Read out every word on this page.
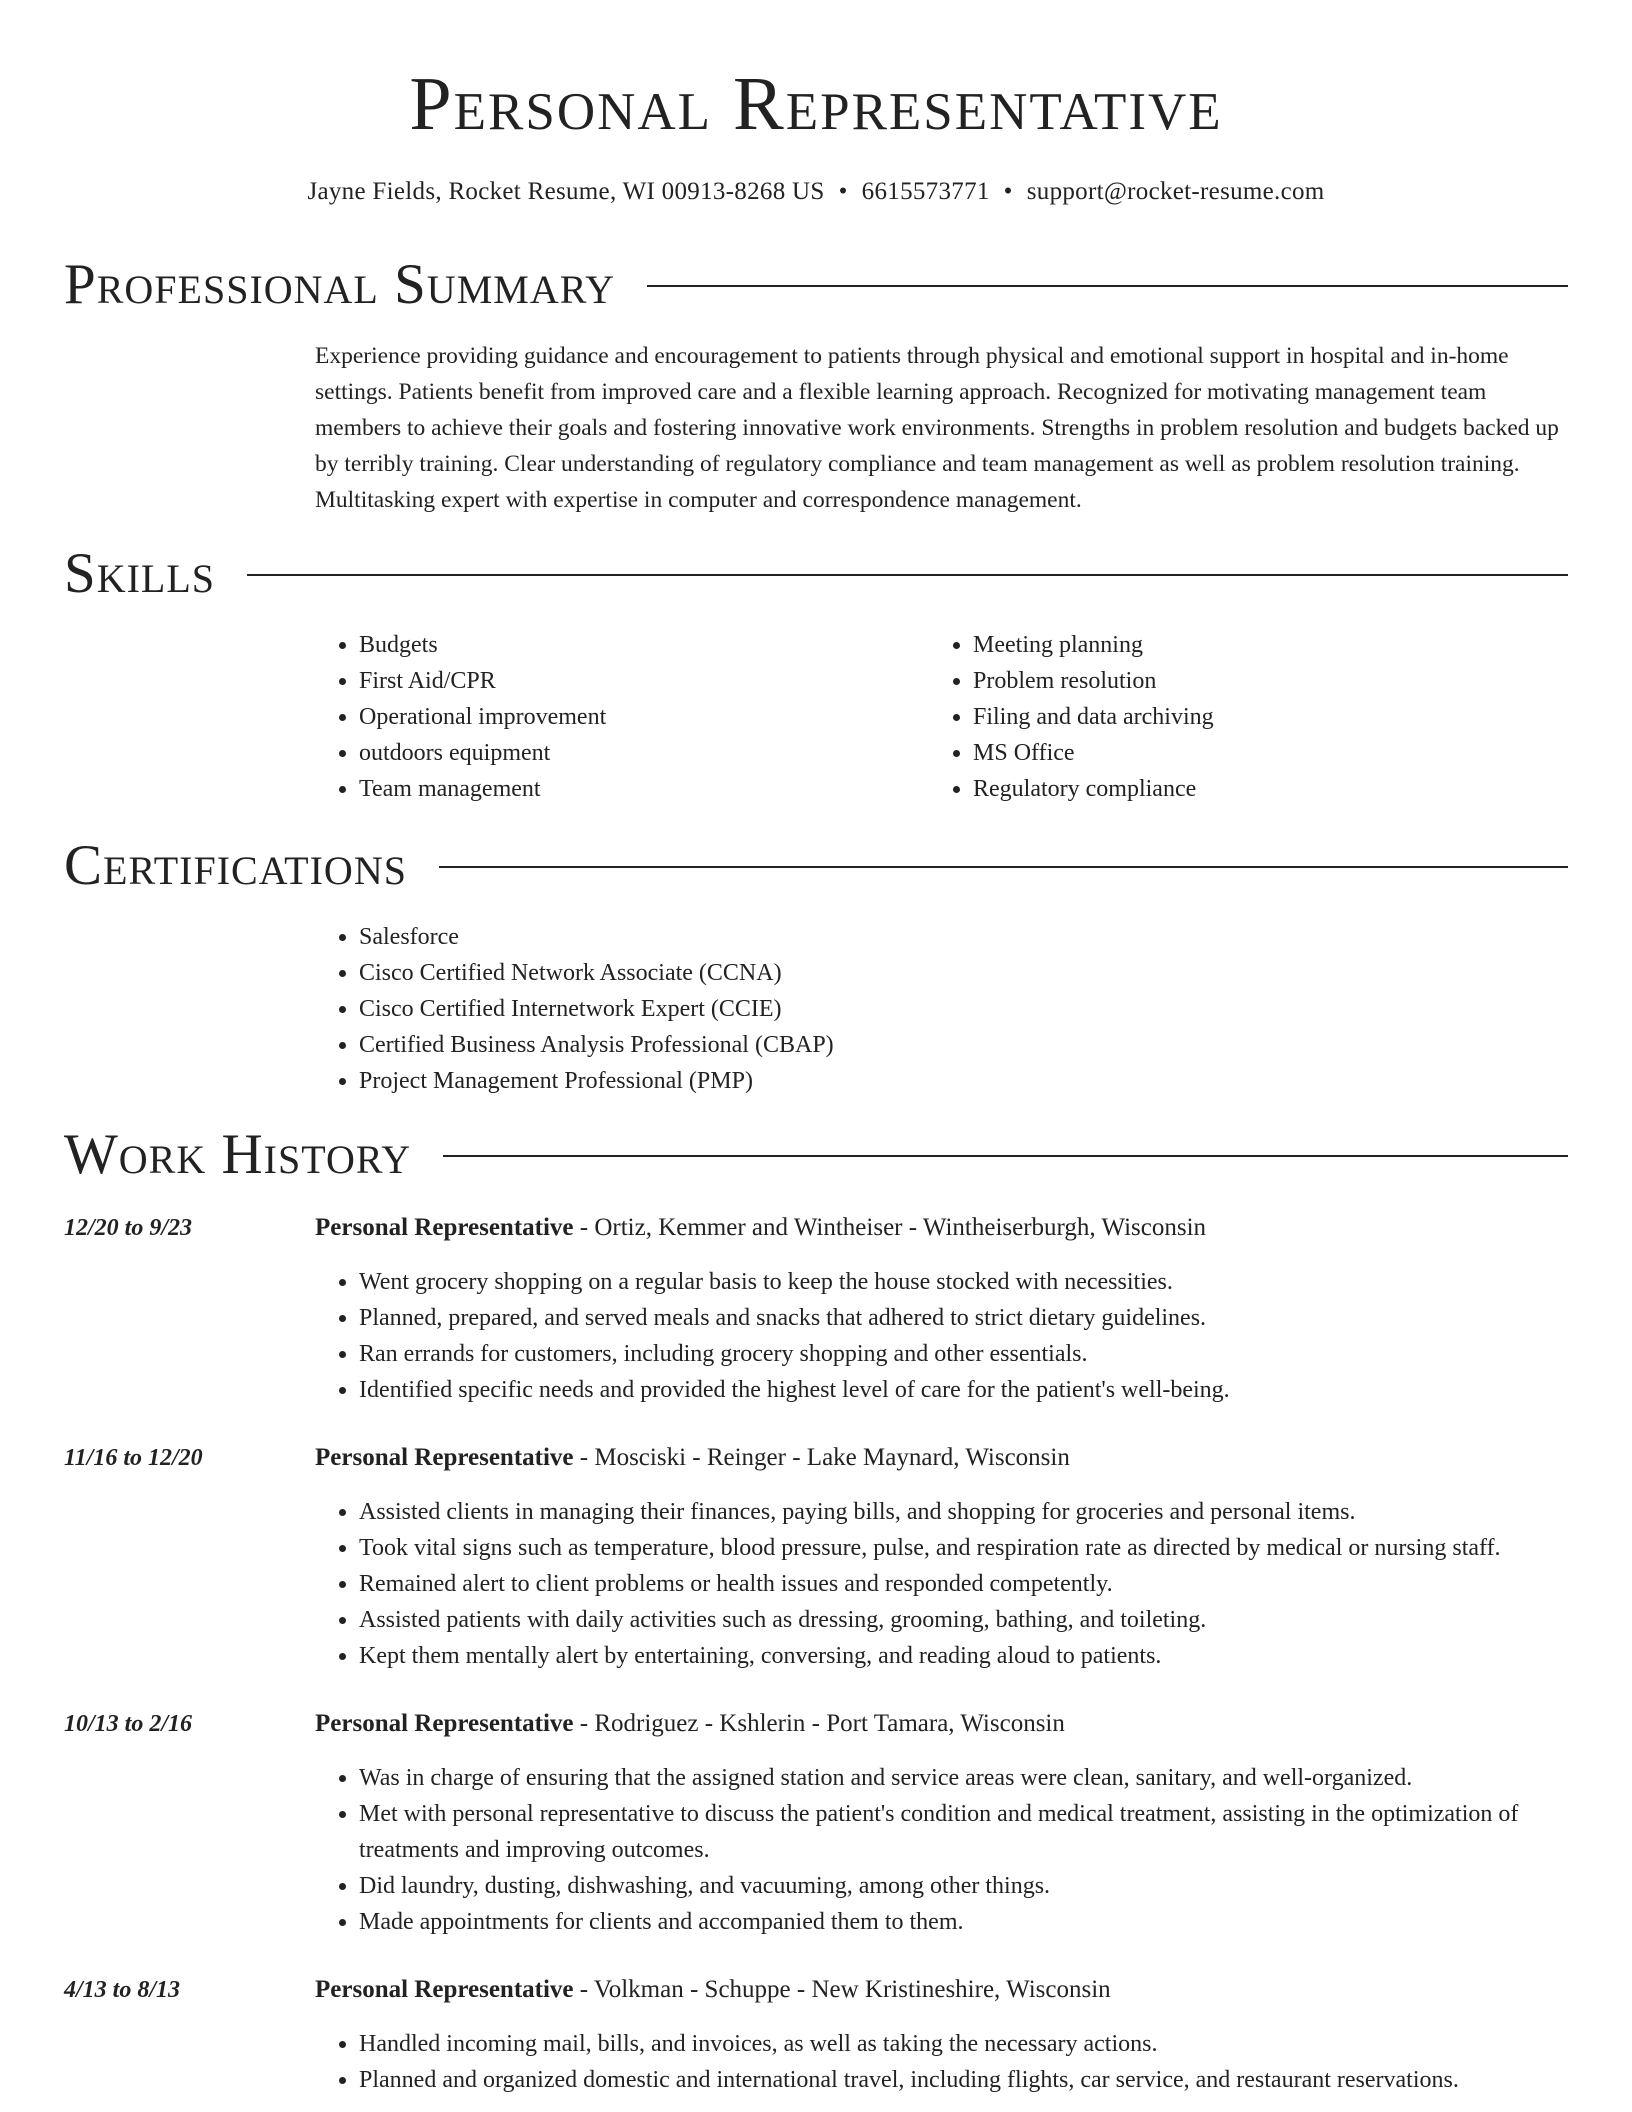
Personal Representative
Jayne Fields, Rocket Resume, WI 00913-8268 US • 6615573771 • support@rocket-resume.com
Professional Summary
Experience providing guidance and encouragement to patients through physical and emotional support in hospital and in-home settings. Patients benefit from improved care and a flexible learning approach. Recognized for motivating management team members to achieve their goals and fostering innovative work environments. Strengths in problem resolution and budgets backed up by terribly training. Clear understanding of regulatory compliance and team management as well as problem resolution training. Multitasking expert with expertise in computer and correspondence management.
Skills
• Budgets
• First Aid/CPR
• Operational improvement
• outdoors equipment
• Team management
• Meeting planning
• Problem resolution
• Filing and data archiving
• MS Office
• Regulatory compliance
Certifications
• Salesforce
• Cisco Certified Network Associate (CCNA)
• Cisco Certified Internetwork Expert (CCIE)
• Certified Business Analysis Professional (CBAP)
• Project Management Professional (PMP)
Work History
12/20 to 9/23	Personal Representative - Ortiz, Kemmer and Wintheiser - Wintheiserburgh, Wisconsin
• Went grocery shopping on a regular basis to keep the house stocked with necessities.
• Planned, prepared, and served meals and snacks that adhered to strict dietary guidelines.
• Ran errands for customers, including grocery shopping and other essentials.
• Identified specific needs and provided the highest level of care for the patient's well-being.
11/16 to 12/20	Personal Representative - Mosciski - Reinger - Lake Maynard, Wisconsin
• Assisted clients in managing their finances, paying bills, and shopping for groceries and personal items.
• Took vital signs such as temperature, blood pressure, pulse, and respiration rate as directed by medical or nursing staff.
• Remained alert to client problems or health issues and responded competently.
• Assisted patients with daily activities such as dressing, grooming, bathing, and toileting.
• Kept them mentally alert by entertaining, conversing, and reading aloud to patients.
10/13 to 2/16	Personal Representative - Rodriguez - Kshlerin - Port Tamara, Wisconsin
• Was in charge of ensuring that the assigned station and service areas were clean, sanitary, and well-organized.
• Met with personal representative to discuss the patient's condition and medical treatment, assisting in the optimization of treatments and improving outcomes.
• Did laundry, dusting, dishwashing, and vacuuming, among other things.
• Made appointments for clients and accompanied them to them.
4/13 to 8/13	Personal Representative - Volkman - Schuppe - New Kristineshire, Wisconsin
• Handled incoming mail, bills, and invoices, as well as taking the necessary actions.
• Planned and organized domestic and international travel, including flights, car service, and restaurant reservations.
